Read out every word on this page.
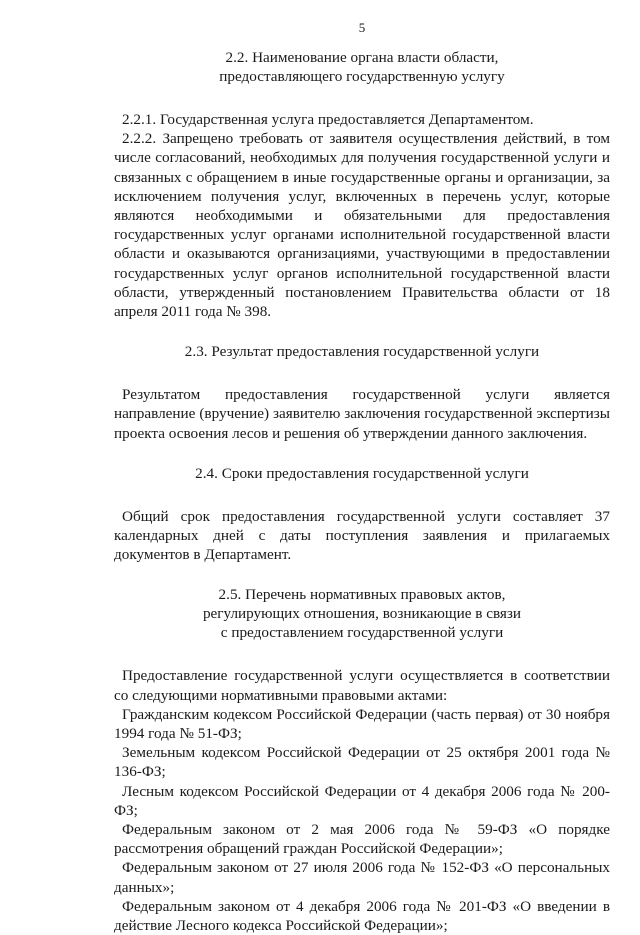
5
2.2. Наименование органа власти области,
предоставляющего государственную услугу

2.2.1. Государственная услуга предоставляется Департаментом.

2.2.2. Запрещено требовать от заявителя осуществления действий, в том числе согласований, необходимых для получения государственной услуги и связанных с обращением в иные государственные органы и организации, за исключением получения услуг, включенных в перечень услуг, которые являются необходимыми и обязательными для предоставления государственных услуг органами исполнительной государственной власти области и оказываются организациями, участвующими в предоставлении государственных услуг органов исполнительной государственной власти области, утвержденный постановлением Правительства области от 18 апреля 2011 года № 398.

2.3. Результат предоставления государственной услуги

Результатом предоставления государственной услуги является направление (вручение) заявителю заключения государственной экспертизы проекта освоения лесов и решения об утверждении данного заключения.

2.4. Сроки предоставления государственной услуги

Общий срок предоставления государственной услуги составляет 37 календарных дней с даты поступления заявления и прилагаемых документов в Департамент.

2.5. Перечень нормативных правовых актов,
регулирующих отношения, возникающие в связи
с предоставлением государственной услуги

Предоставление государственной услуги осуществляется в соответствии со следующими нормативными правовыми актами:

Гражданским кодексом Российской Федерации (часть первая) от 30 ноября 1994 года № 51-ФЗ;

Земельным кодексом Российской Федерации от 25 октября 2001 года № 136-ФЗ;

Лесным кодексом Российской Федерации от 4 декабря 2006 года № 200-ФЗ;

Федеральным законом от 2 мая 2006 года № 59-ФЗ «О порядке рассмотрения обращений граждан Российской Федерации»;

Федеральным законом от 27 июля 2006 года № 152-ФЗ «О персональных данных»;

Федеральным законом от 4 декабря 2006 года № 201-ФЗ «О введении в действие Лесного кодекса Российской Федерации»;
